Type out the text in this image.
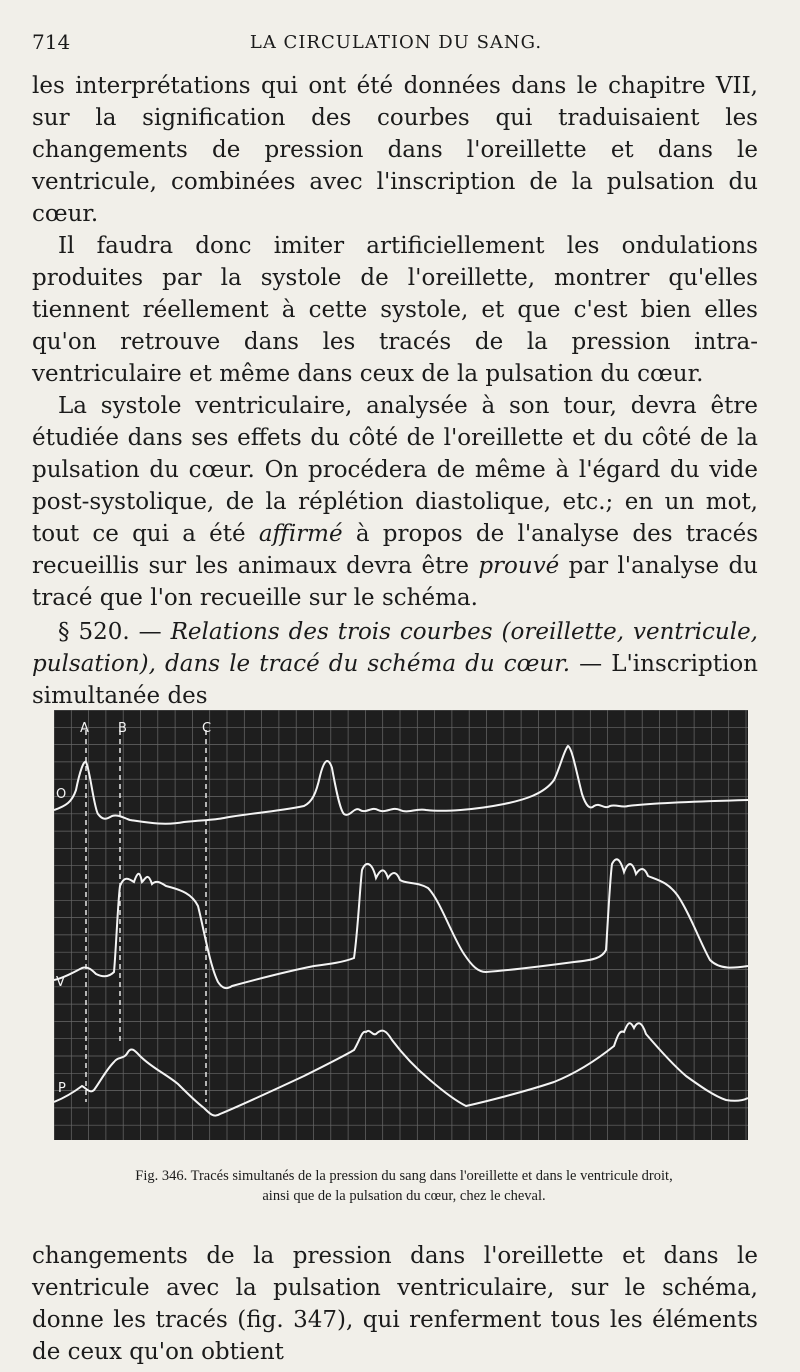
714	LA CIRCULATION DU SANG.

les interprétations qui ont été données dans le chapitre VII, sur la signification des courbes qui traduisaient les changements de pression dans l'oreillette et dans le ventricule, combinées avec l'inscription de la pulsation du cœur.

Il faudra donc imiter artificiellement les ondulations produites par la systole de l'oreillette, montrer qu'elles tiennent réellement à cette systole, et que c'est bien elles qu'on retrouve dans les tracés de la pression intra-ventriculaire et même dans ceux de la pulsation du cœur.

La systole ventriculaire, analysée à son tour, devra être étudiée dans ses effets du côté de l'oreillette et du côté de la pulsation du cœur. On procédera de même à l'égard du vide post-systolique, de la réplétion diastolique, etc.; en un mot, tout ce qui a été affirmé à propos de l'analyse des tracés recueillis sur les animaux devra être prouvé par l'analyse du tracé que l'on recueille sur le schéma.

§ 520. — Relations des trois courbes (oreillette, ventricule, pulsation), dans le tracé du schéma du cœur. — L'inscription simultanée des
A B	C
O
V
P
Fig. 346. Tracés simultanés de la pression du sang dans l'oreillette et dans le ventricule droit,
ainsi que de la pulsation du cœur, chez le cheval.

changements de la pression dans l'oreillette et dans le ventricule avec la pulsation ventriculaire, sur le schéma, donne les tracés (fig. 347), qui renferment tous les éléments de ceux qu'on obtient
